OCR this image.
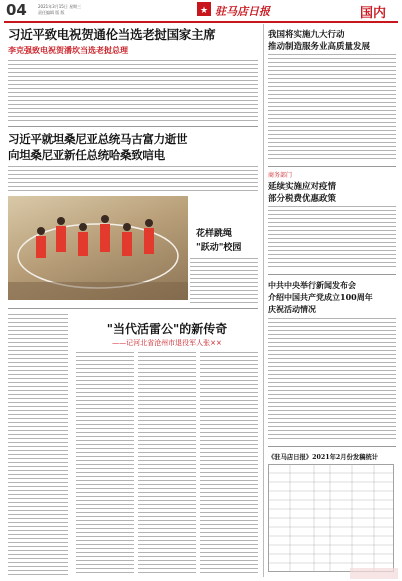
04	2021年3月15日 星期三
责任编辑 版 版	★ 驻马店日报	国内
习近平致电祝贺通伦当选老挝国家主席
李克强致电祝贺潘坎当选老挝总理
习近平就坦桑尼亚总统马古富力逝世
向坦桑尼亚新任总统哈桑致唁电
花样跳绳
"跃动"校园
"当代活雷公"的新传奇
——记河北省沧州市退役军人张××
我国将实施九大行动
推动制造服务业高质量发展
商务部门
延续实施应对疫情
部分税费优惠政策
中共中央举行新闻发布会
介绍中国共产党成立100周年
庆祝活动情况
《驻马店日报》2021年2月份发稿统计
